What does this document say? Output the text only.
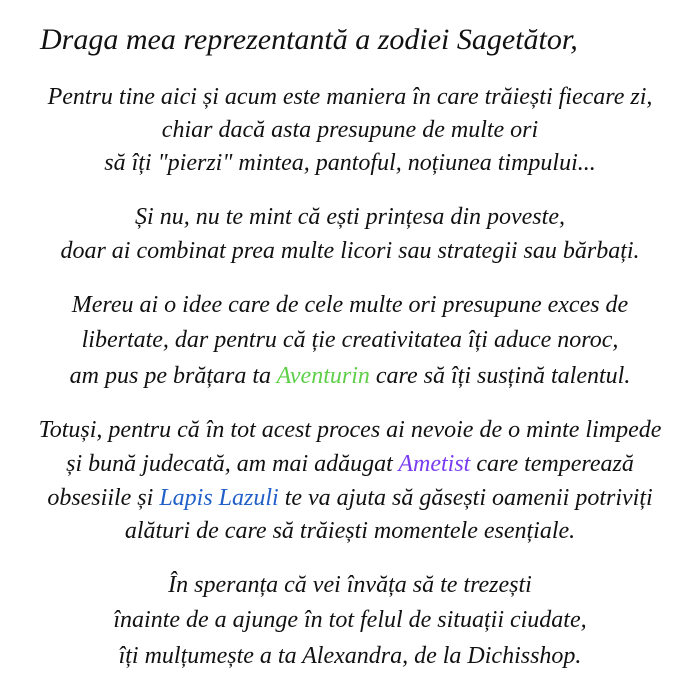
Draga mea reprezentantă a zodiei Sagetător,
Pentru tine aici și acum este maniera în care trăiești fiecare zi,
chiar dacă asta presupune de multe ori
să îți "pierzi" mintea, pantoful, noțiunea timpului...
Și nu, nu te mint că ești prințesa din poveste,
doar ai combinat prea multe licori sau strategii sau bărbați.
Mereu ai o idee care de cele multe ori presupune exces de
libertate, dar pentru că ție creativitatea îți aduce noroc,
am pus pe brățara ta Aventurin care să îți susțină talentul.
Totuși, pentru că în tot acest proces ai nevoie de o minte limpede
și bună judecată, am mai adăugat Ametist care temperează
obsesiile și Lapis Lazuli te va ajuta să găsești oamenii potriviți
alături de care să trăiești momentele esențiale.
În speranța că vei învăța să te trezești
înainte de a ajunge în tot felul de situații ciudate,
îți mulțumește a ta Alexandra, de la Dichisshop.
